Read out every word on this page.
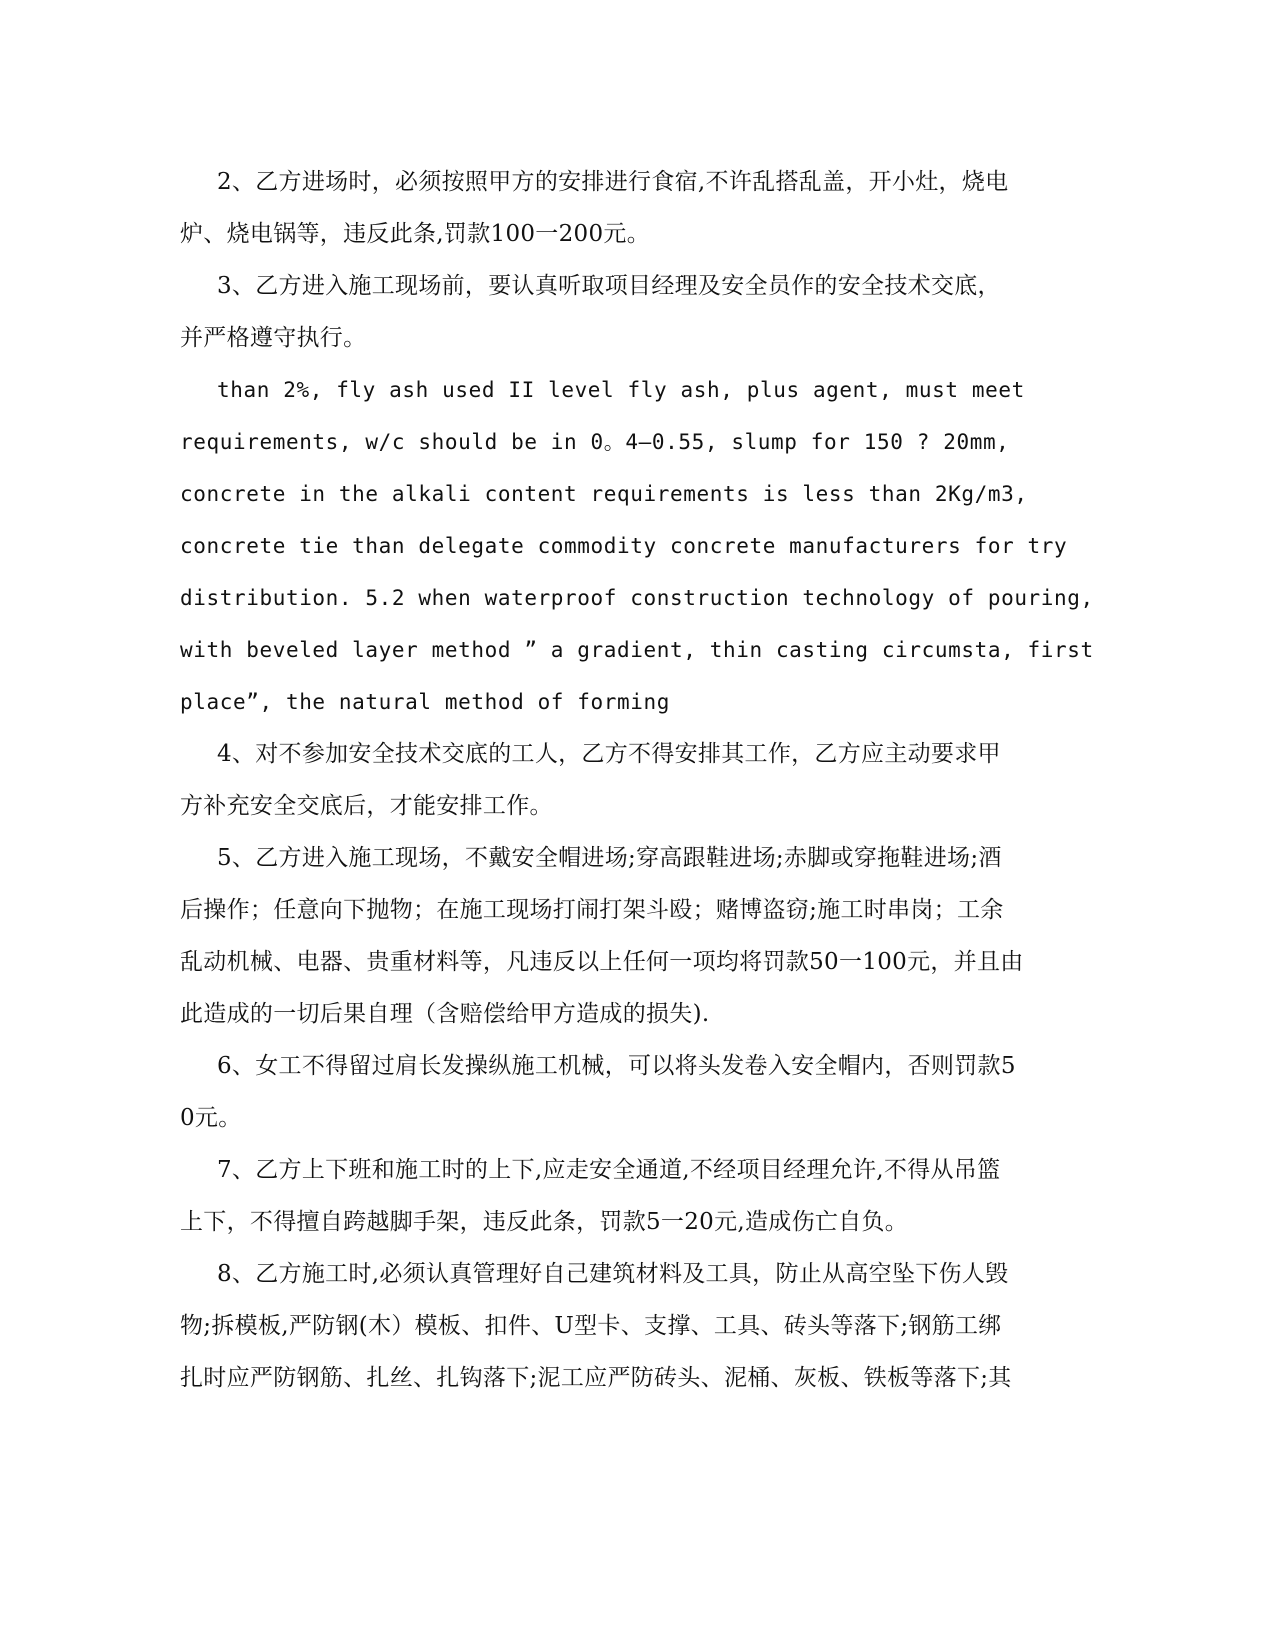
2、乙方进场时，必须按照甲方的安排进行食宿,不许乱搭乱盖，开小灶，烧电
炉、烧电锅等，违反此条,罚款100一200元。
3、乙方进入施工现场前，要认真听取项目经理及安全员作的安全技术交底，
并严格遵守执行。
than 2%, fly ash used II level fly ash, plus agent, must meet
requirements, w/c should be in 0。4—0.55, slump for 150 ? 20mm,
concrete in the alkali content requirements is less than 2Kg/m3,
concrete tie than delegate commodity concrete manufacturers for try
distribution. 5.2 when waterproof construction technology of pouring,
with beveled layer method ” a gradient, thin casting circumsta, first
place”, the natural method of forming
4、对不参加安全技术交底的工人，乙方不得安排其工作，乙方应主动要求甲
方补充安全交底后，才能安排工作。
5、乙方进入施工现场，不戴安全帽进场;穿高跟鞋进场;赤脚或穿拖鞋进场;酒
后操作；任意向下抛物；在施工现场打闹打架斗殴；赌博盗窃;施工时串岗；工余
乱动机械、电器、贵重材料等，凡违反以上任何一项均将罚款50一100元，并且由
此造成的一切后果自理（含赔偿给甲方造成的损失).
6、女工不得留过肩长发操纵施工机械，可以将头发卷入安全帽内，否则罚款5
0元。
7、乙方上下班和施工时的上下,应走安全通道,不经项目经理允许,不得从吊篮
上下，不得擅自跨越脚手架，违反此条，罚款5一20元,造成伤亡自负。
8、乙方施工时,必须认真管理好自己建筑材料及工具，防止从高空坠下伤人毁
物;拆模板,严防钢(木）模板、扣件、U型卡、支撑、工具、砖头等落下;钢筋工绑
扎时应严防钢筋、扎丝、扎钩落下;泥工应严防砖头、泥桶、灰板、铁板等落下;其
